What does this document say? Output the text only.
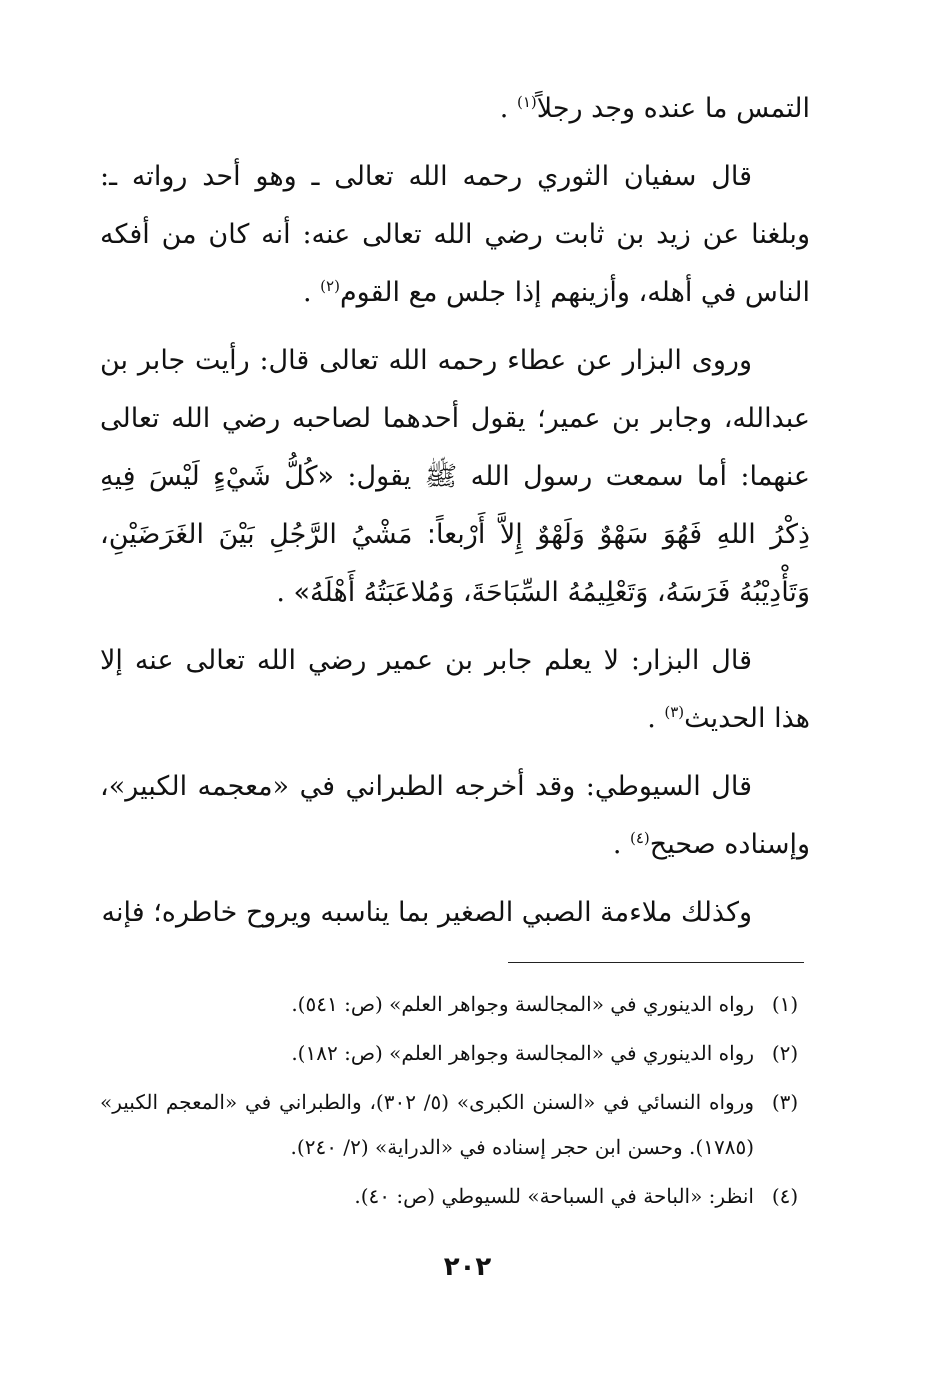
التمس ما عنده وجد رجلاً$^{(١)}$ .

قال سفيان الثوري رحمه الله تعالى ـ وهو أحد رواته ـ: وبلغنا عن زيد بن ثابت رضي الله تعالى عنه: أنه كان من أفكه الناس في أهله، وأزينهم إذا جلس مع القوم$^{(٢)}$ .

وروى البزار عن عطاء رحمه الله تعالى قال: رأيت جابر بن عبدالله، وجابر بن عمير؛ يقول أحدهما لصاحبه رضي الله تعالى عنهما: أما سمعت رسول الله ﷺ يقول: «كُلُّ شَيْءٍ لَيْسَ فِيهِ ذِكْرُ اللهِ فَهُوَ سَهْوٌ وَلَهْوٌ إِلاَّ أَرْبعاً: مَشْيُ الرَّجُلِ بَيْنَ الغَرَضَيْنِ، وَتَأْدِيْبُهُ فَرَسَهُ، وَتَعْلِيمُهُ السِّبَاحَةَ، وَمُلاعَبَتُهُ أَهْلَهُ» .

قال البزار: لا يعلم جابر بن عمير رضي الله تعالى عنه إلا هذا الحديث$^{(٣)}$ .

قال السيوطي: وقد أخرجه الطبراني في «معجمه الكبير»، وإسناده صحيح$^{(٤)}$ .

وكذلك ملاءمة الصبي الصغير بما يناسبه ويروح خاطره؛ فإنه

(١)
رواه الدينوري في «المجالسة وجواهر العلم» (ص: ٥٤١).
(٢)
رواه الدينوري في «المجالسة وجواهر العلم» (ص: ١٨٢).
(٣)
ورواه النسائي في «السنن الكبرى» (٥/ ٣٠٢)، والطبراني في «المعجم الكبير» (١٧٨٥). وحسن ابن حجر إسناده في «الدراية» (٢/ ٢٤٠).
(٤)
انظر: «الباحة في السباحة» للسيوطي (ص: ٤٠).
٢٠٢
